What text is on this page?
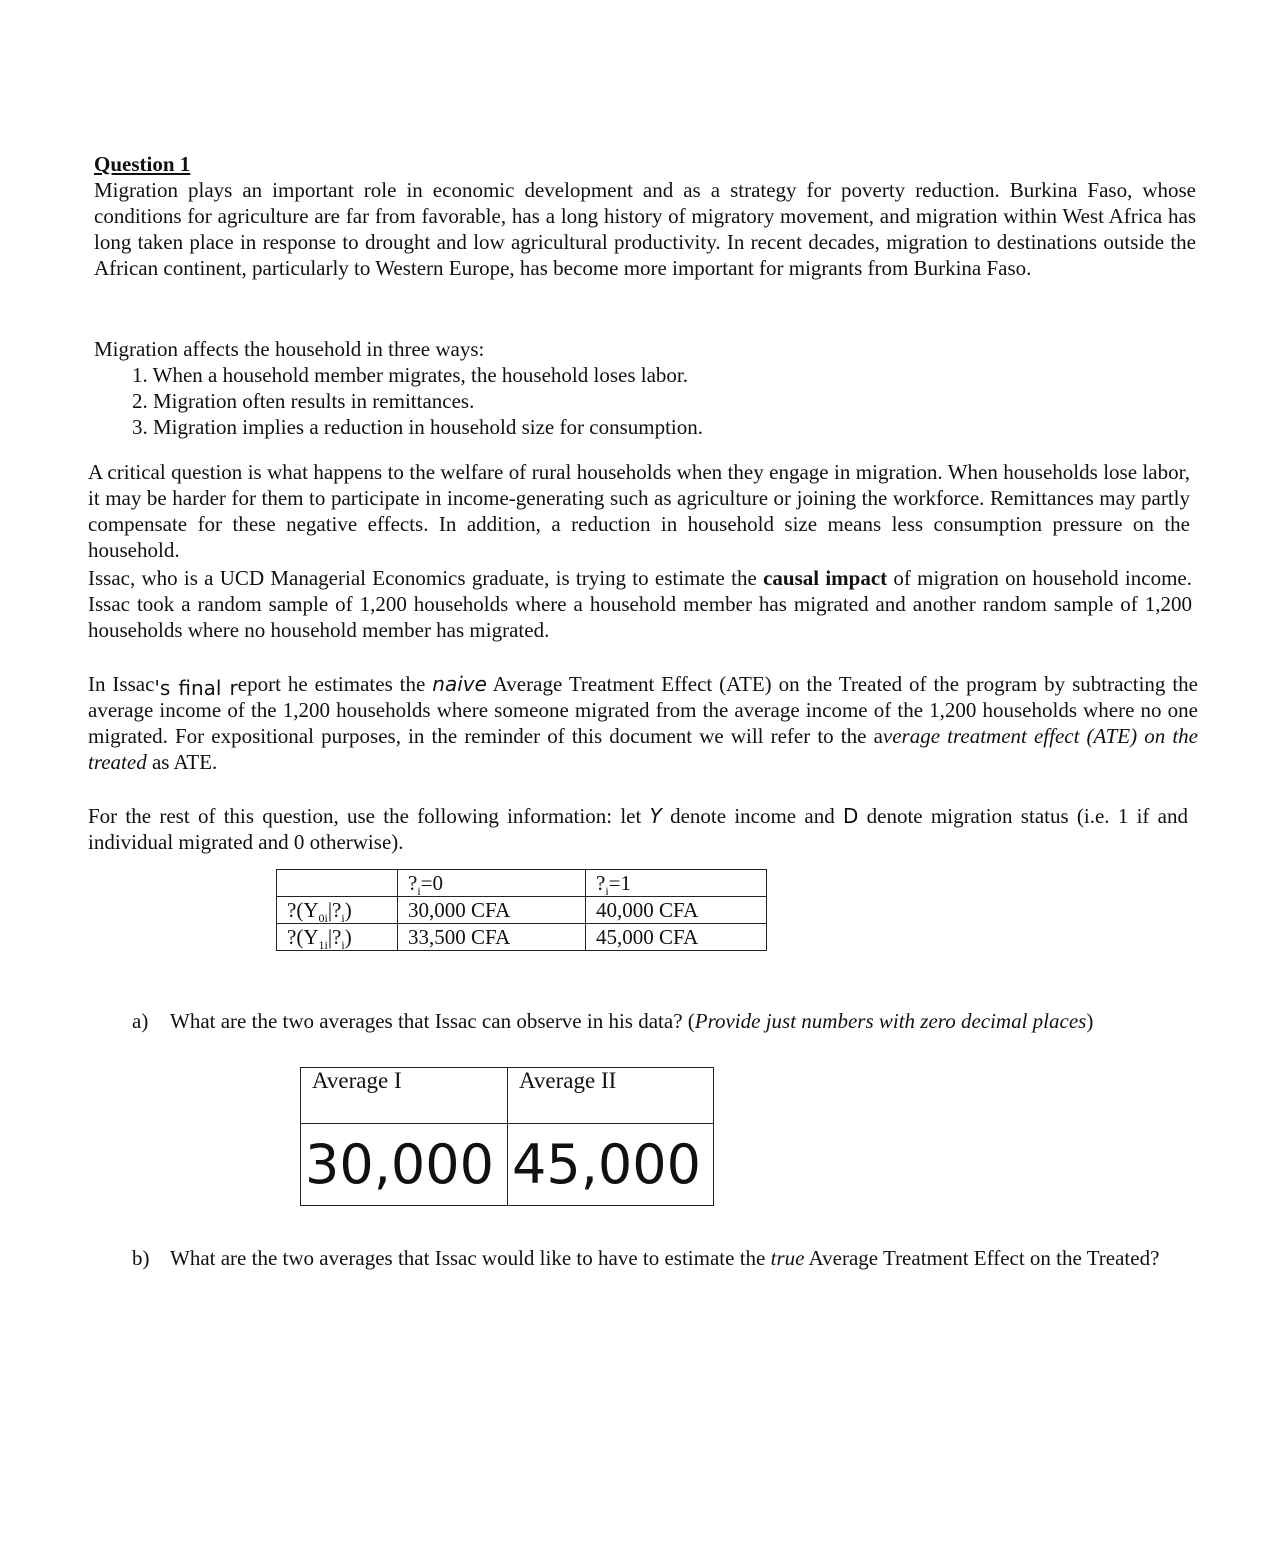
Question 1
Migration plays an important role in economic development and as a strategy for poverty reduction. Burkina Faso, whose conditions for agriculture are far from favorable, has a long history of migratory movement, and migration within West Africa has long taken place in response to drought and low agricultural productivity. In recent decades, migration to destinations outside the African continent, particularly to Western Europe, has become more important for migrants from Burkina Faso.
Migration affects the household in three ways:
1. When a household member migrates, the household loses labor.
2. Migration often results in remittances.
3. Migration implies a reduction in household size for consumption.
A critical question is what happens to the welfare of rural households when they engage in migration. When households lose labor, it may be harder for them to participate in income-generating such as agriculture or joining the workforce. Remittances may partly compensate for these negative effects. In addition, a reduction in household size means less consumption pressure on the household.
Issac, who is a UCD Managerial Economics graduate, is trying to estimate the causal impact of migration on household income. Issac took a random sample of 1,200 households where a household member has migrated and another random sample of 1,200 households where no household member has migrated.
In Issac's final report he estimates the naive Average Treatment Effect (ATE) on the Treated of the program by subtracting the average income of the 1,200 households where someone migrated from the average income of the 1,200 households where no one migrated. For expositional purposes, in the reminder of this document we will refer to the average treatment effect (ATE) on the treated as ATE.
For the rest of this question, use the following information: let Y denote income and D denote migration status (i.e. 1 if and individual migrated and 0 otherwise).
	$?_i=0$	$?_i=1$
$?(Y_{0i}|?_i)$	30,000 CFA	40,000 CFA
$?(Y_{1i}|?_i)$	33,500 CFA	45,000 CFA
a) What are the two averages that Issac can observe in his data? (Provide just numbers with zero decimal places)
Average I	Average II
30,000	45,000
b) What are the two averages that Issac would like to have to estimate the true Average Treatment Effect on the Treated?
